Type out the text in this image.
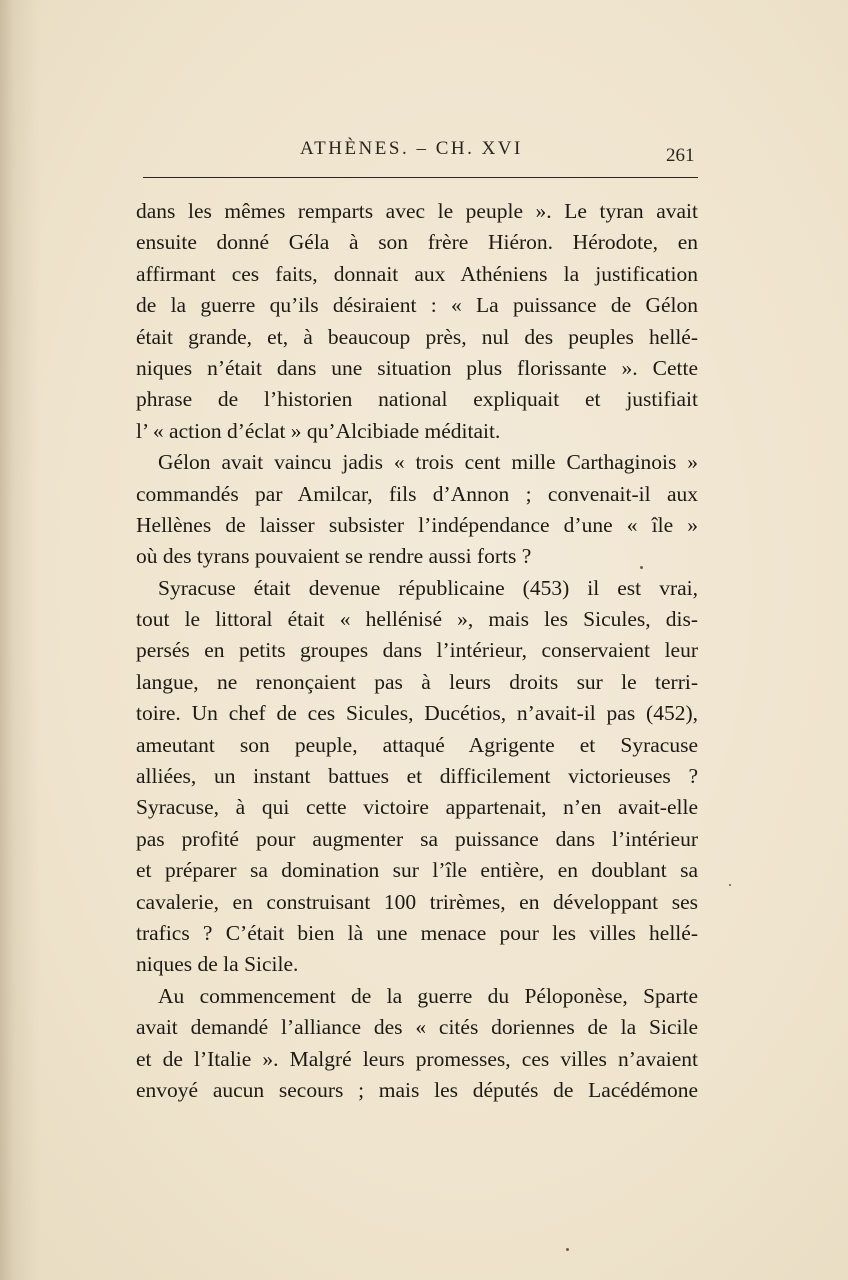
ATHÈNES. – CH. XVI	261
dans les mêmes remparts avec le peuple ». Le tyran avait
ensuite donné Géla à son frère Hiéron. Hérodote, en
affirmant ces faits, donnait aux Athéniens la justification
de la guerre qu’ils désiraient : « La puissance de Gélon
était grande, et, à beaucoup près, nul des peuples hellé-
niques n’était dans une situation plus florissante ». Cette
phrase de l’historien national expliquait et justifiait
l’ « action d’éclat » qu’Alcibiade méditait.
Gélon avait vaincu jadis « trois cent mille Carthaginois »
commandés par Amilcar, fils d’Annon ; convenait-il aux
Hellènes de laisser subsister l’indépendance d’une « île »
où des tyrans pouvaient se rendre aussi forts ?
Syracuse était devenue républicaine (453) il est vrai,
tout le littoral était « hellénisé », mais les Sicules, dis-
persés en petits groupes dans l’intérieur, conservaient leur
langue, ne renonçaient pas à leurs droits sur le terri-
toire. Un chef de ces Sicules, Ducétios, n’avait-il pas (452),
ameutant son peuple, attaqué Agrigente et Syracuse
alliées, un instant battues et difficilement victorieuses ?
Syracuse, à qui cette victoire appartenait, n’en avait-elle
pas profité pour augmenter sa puissance dans l’intérieur
et préparer sa domination sur l’île entière, en doublant sa
cavalerie, en construisant 100 trirèmes, en développant ses
trafics ? C’était bien là une menace pour les villes hellé-
niques de la Sicile.
Au commencement de la guerre du Péloponèse, Sparte
avait demandé l’alliance des « cités doriennes de la Sicile
et de l’Italie ». Malgré leurs promesses, ces villes n’avaient
envoyé aucun secours ; mais les députés de Lacédémone
